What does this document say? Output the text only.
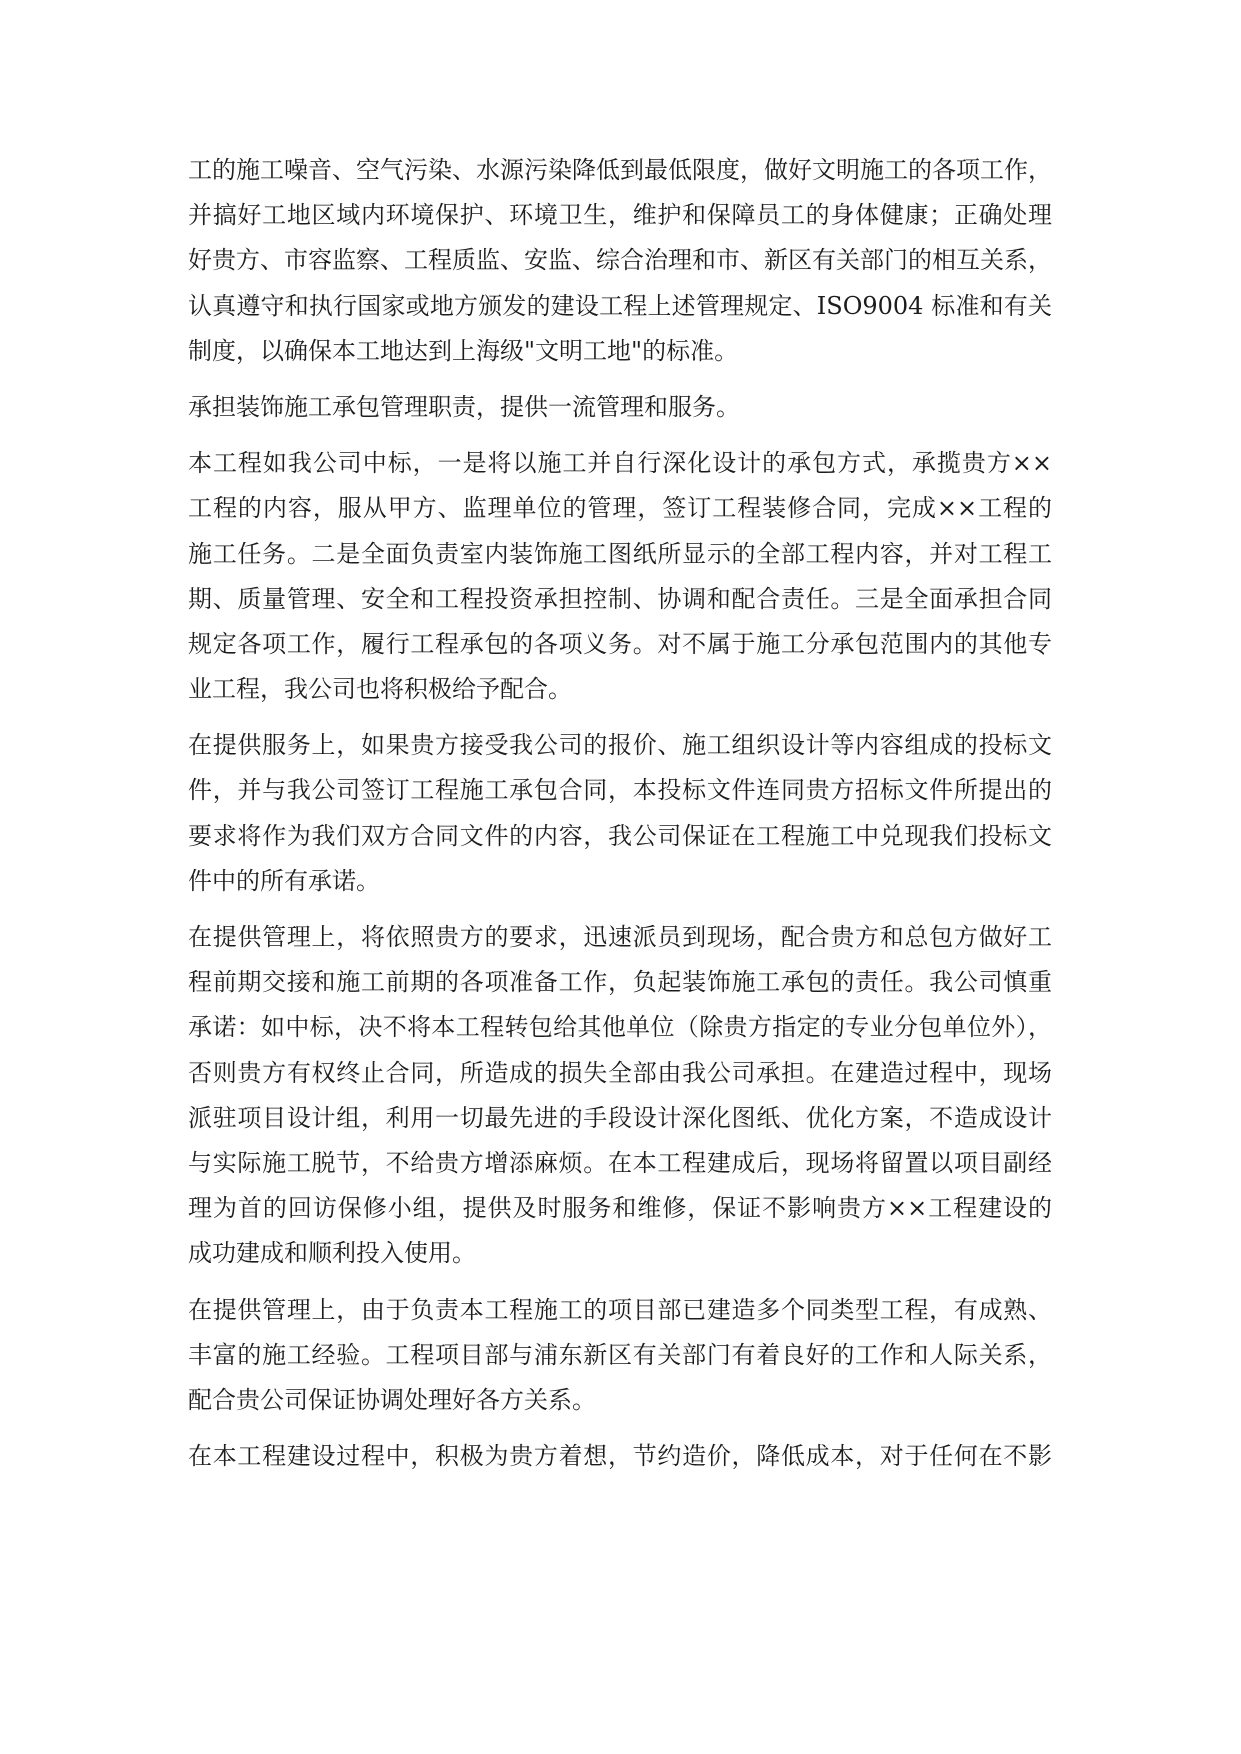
工的施工噪音、空气污染、水源污染降低到最低限度，做好文明施工的各项工作，
并搞好工地区域内环境保护、环境卫生，维护和保障员工的身体健康；正确处理
好贵方、市容监察、工程质监、安监、综合治理和市、新区有关部门的相互关系，
认真遵守和执行国家或地方颁发的建设工程上述管理规定、ISO9004 标准和有关
制度，以确保本工地达到上海级"文明工地"的标准。

承担装饰施工承包管理职责，提供一流管理和服务。

本工程如我公司中标，一是将以施工并自行深化设计的承包方式，承揽贵方××
工程的内容，服从甲方、监理单位的管理，签订工程装修合同，完成××工程的
施工任务。二是全面负责室内装饰施工图纸所显示的全部工程内容，并对工程工
期、质量管理、安全和工程投资承担控制、协调和配合责任。三是全面承担合同
规定各项工作，履行工程承包的各项义务。对不属于施工分承包范围内的其他专
业工程，我公司也将积极给予配合。

在提供服务上，如果贵方接受我公司的报价、施工组织设计等内容组成的投标文
件，并与我公司签订工程施工承包合同，本投标文件连同贵方招标文件所提出的
要求将作为我们双方合同文件的内容，我公司保证在工程施工中兑现我们投标文
件中的所有承诺。

在提供管理上，将依照贵方的要求，迅速派员到现场，配合贵方和总包方做好工
程前期交接和施工前期的各项准备工作，负起装饰施工承包的责任。我公司慎重
承诺：如中标，决不将本工程转包给其他单位（除贵方指定的专业分包单位外），
否则贵方有权终止合同，所造成的损失全部由我公司承担。在建造过程中，现场
派驻项目设计组，利用一切最先进的手段设计深化图纸、优化方案，不造成设计
与实际施工脱节，不给贵方增添麻烦。在本工程建成后，现场将留置以项目副经
理为首的回访保修小组，提供及时服务和维修，保证不影响贵方××工程建设的
成功建成和顺利投入使用。

在提供管理上，由于负责本工程施工的项目部已建造多个同类型工程，有成熟、
丰富的施工经验。工程项目部与浦东新区有关部门有着良好的工作和人际关系，
配合贵公司保证协调处理好各方关系。

在本工程建设过程中，积极为贵方着想，节约造价，降低成本，对于任何在不影
